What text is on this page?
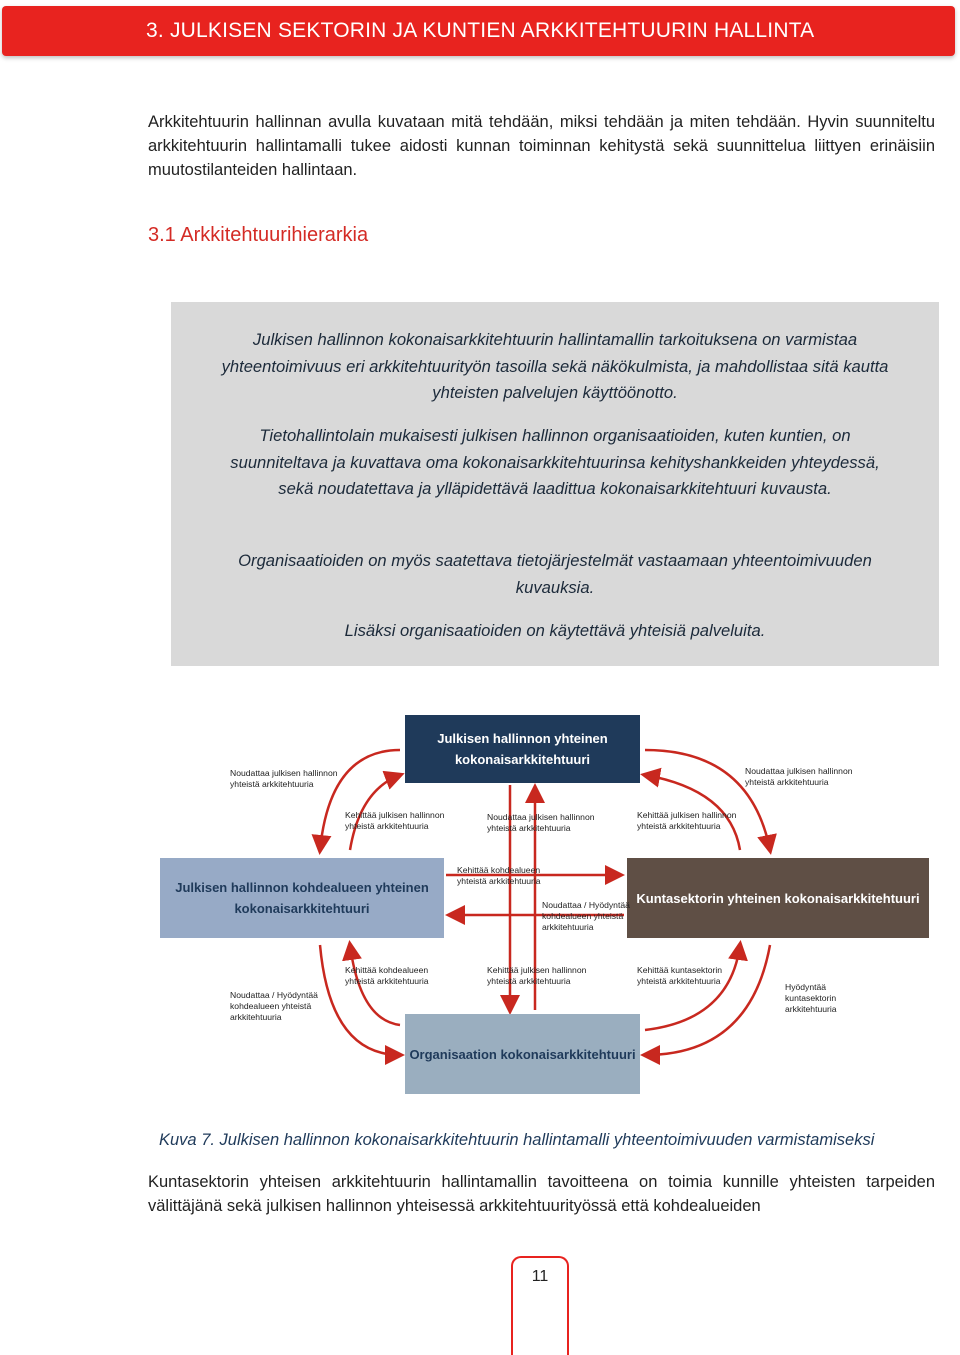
3. JULKISEN SEKTORIN JA KUNTIEN ARKKITEHTUURIN HALLINTA
Arkkitehtuurin hallinnan avulla kuvataan mitä tehdään, miksi tehdään ja miten tehdään. Hyvin suunniteltu arkkitehtuurin hallintamalli tukee aidosti kunnan toiminnan kehitystä sekä suunnittelua liittyen erinäisiin muutostilanteiden hallintaan.
3.1 Arkkitehtuurihierarkia

Julkisen hallinnon kokonaisarkkitehtuurin hallintamallin tarkoituksena on varmistaa yhteentoimivuus eri arkkitehtuurityön tasoilla sekä näkökulmista, ja mahdollistaa sitä kautta yhteisten palvelujen käyttöönotto.

Tietohallintolain mukaisesti julkisen hallinnon organisaatioiden, kuten kuntien, on suunniteltava ja kuvattava oma kokonaisarkkitehtuurinsa kehityshankkeiden yhteydessä, sekä noudatettava ja ylläpidettävä laadittua kokonaisarkkitehtuuri kuvausta.

Organisaatioiden on myös saatettava tietojärjestelmät vastaamaan yhteentoimivuuden kuvauksia.

Lisäksi organisaatioiden on käytettävä yhteisiä palveluita.

Julkisen hallinnon yhteinen kokonaisarkkitehtuuri
Julkisen hallinnon kohdealueen yhteinen kokonaisarkkitehtuuri
Kuntasektorin yhteinen kokonaisarkkitehtuuri
Organisaation kokonaisarkkitehtuuri
Noudattaa julkisen hallinnon yhteistä arkkitehtuuria
Noudattaa julkisen hallinnon yhteistä arkkitehtuuria
Kehittää julkisen hallinnon yhteistä arkkitehtuuria
Kehittää julkisen hallinnon yhteistä arkkitehtuuria
Noudattaa julkisen hallinnon yhteistä arkkitehtuuria
Kehittää kohdealueen yhteistä arkkitehtuuria
Noudattaa / Hyödyntää kohdealueen yhteistä arkkitehtuuria
Kehittää kohdealueen yhteistä arkkitehtuuria
Noudattaa / Hyödyntää kohdealueen yhteistä arkkitehtuuria
Kehittää julkisen hallinnon yhteistä arkkitehtuuria
Kehittää kuntasektorin yhteistä arkkitehtuuria
Hyödyntää kuntasektorin arkkitehtuuria
Kuva 7. Julkisen hallinnon kokonaisarkkitehtuurin hallintamalli yhteentoimivuuden varmistamiseksi
Kuntasektorin yhteisen arkkitehtuurin hallintamallin tavoitteena on toimia kunnille yhteisten tarpeiden välittäjänä sekä julkisen hallinnon yhteisessä arkkitehtuurityössä että kohdealueiden
11
